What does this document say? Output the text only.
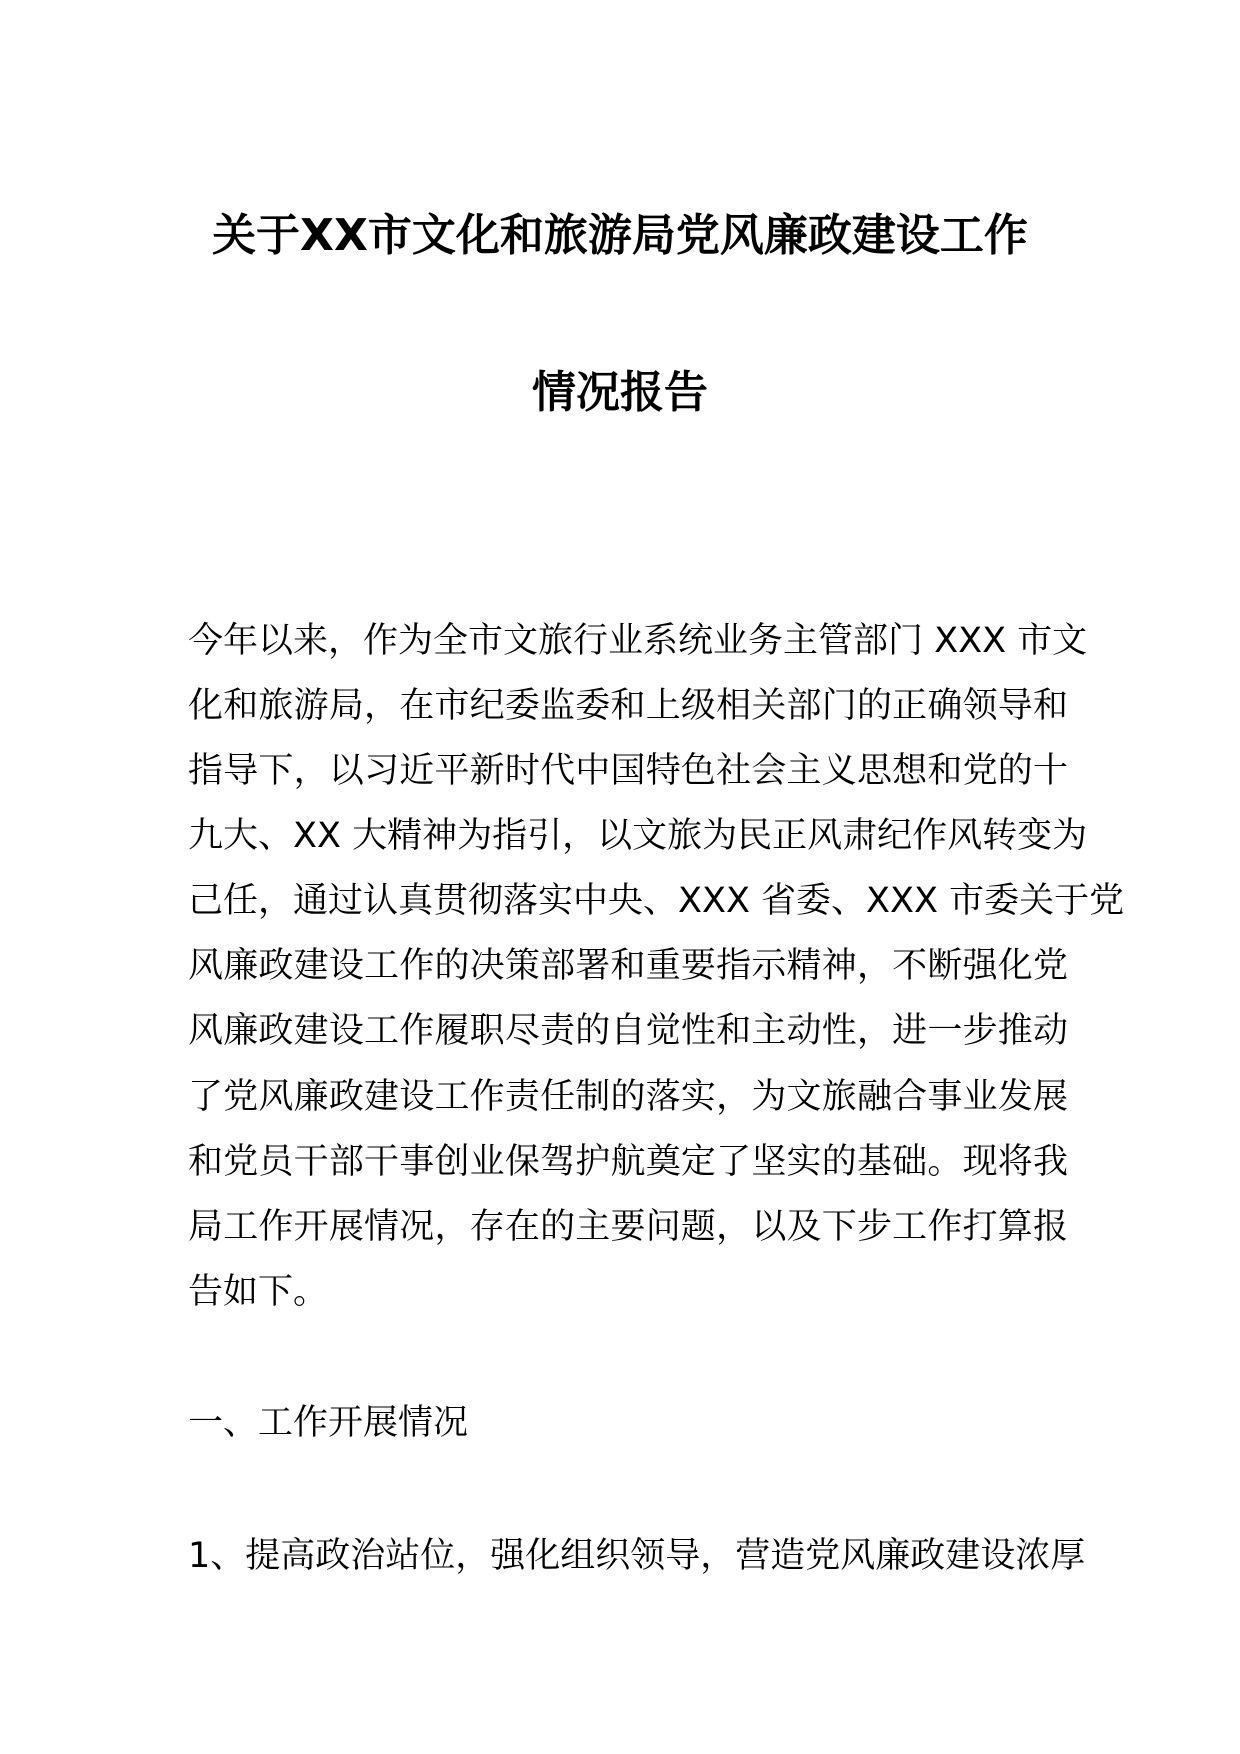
关于XX市文化和旅游局党风廉政建设工作
情况报告
今年以来，作为全市文旅行业系统业务主管部门 XXX 市文
化和旅游局，在市纪委监委和上级相关部门的正确领导和
指导下，以习近平新时代中国特色社会主义思想和党的十
九大、XX 大精神为指引，以文旅为民正风肃纪作风转变为
己任，通过认真贯彻落实中央、XXX 省委、XXX 市委关于党
风廉政建设工作的决策部署和重要指示精神，不断强化党
风廉政建设工作履职尽责的自觉性和主动性，进一步推动
了党风廉政建设工作责任制的落实，为文旅融合事业发展
和党员干部干事创业保驾护航奠定了坚实的基础。现将我
局工作开展情况，存在的主要问题，以及下步工作打算报
告如下。
一、工作开展情况
1、提高政治站位，强化组织领导，营造党风廉政建设浓厚
